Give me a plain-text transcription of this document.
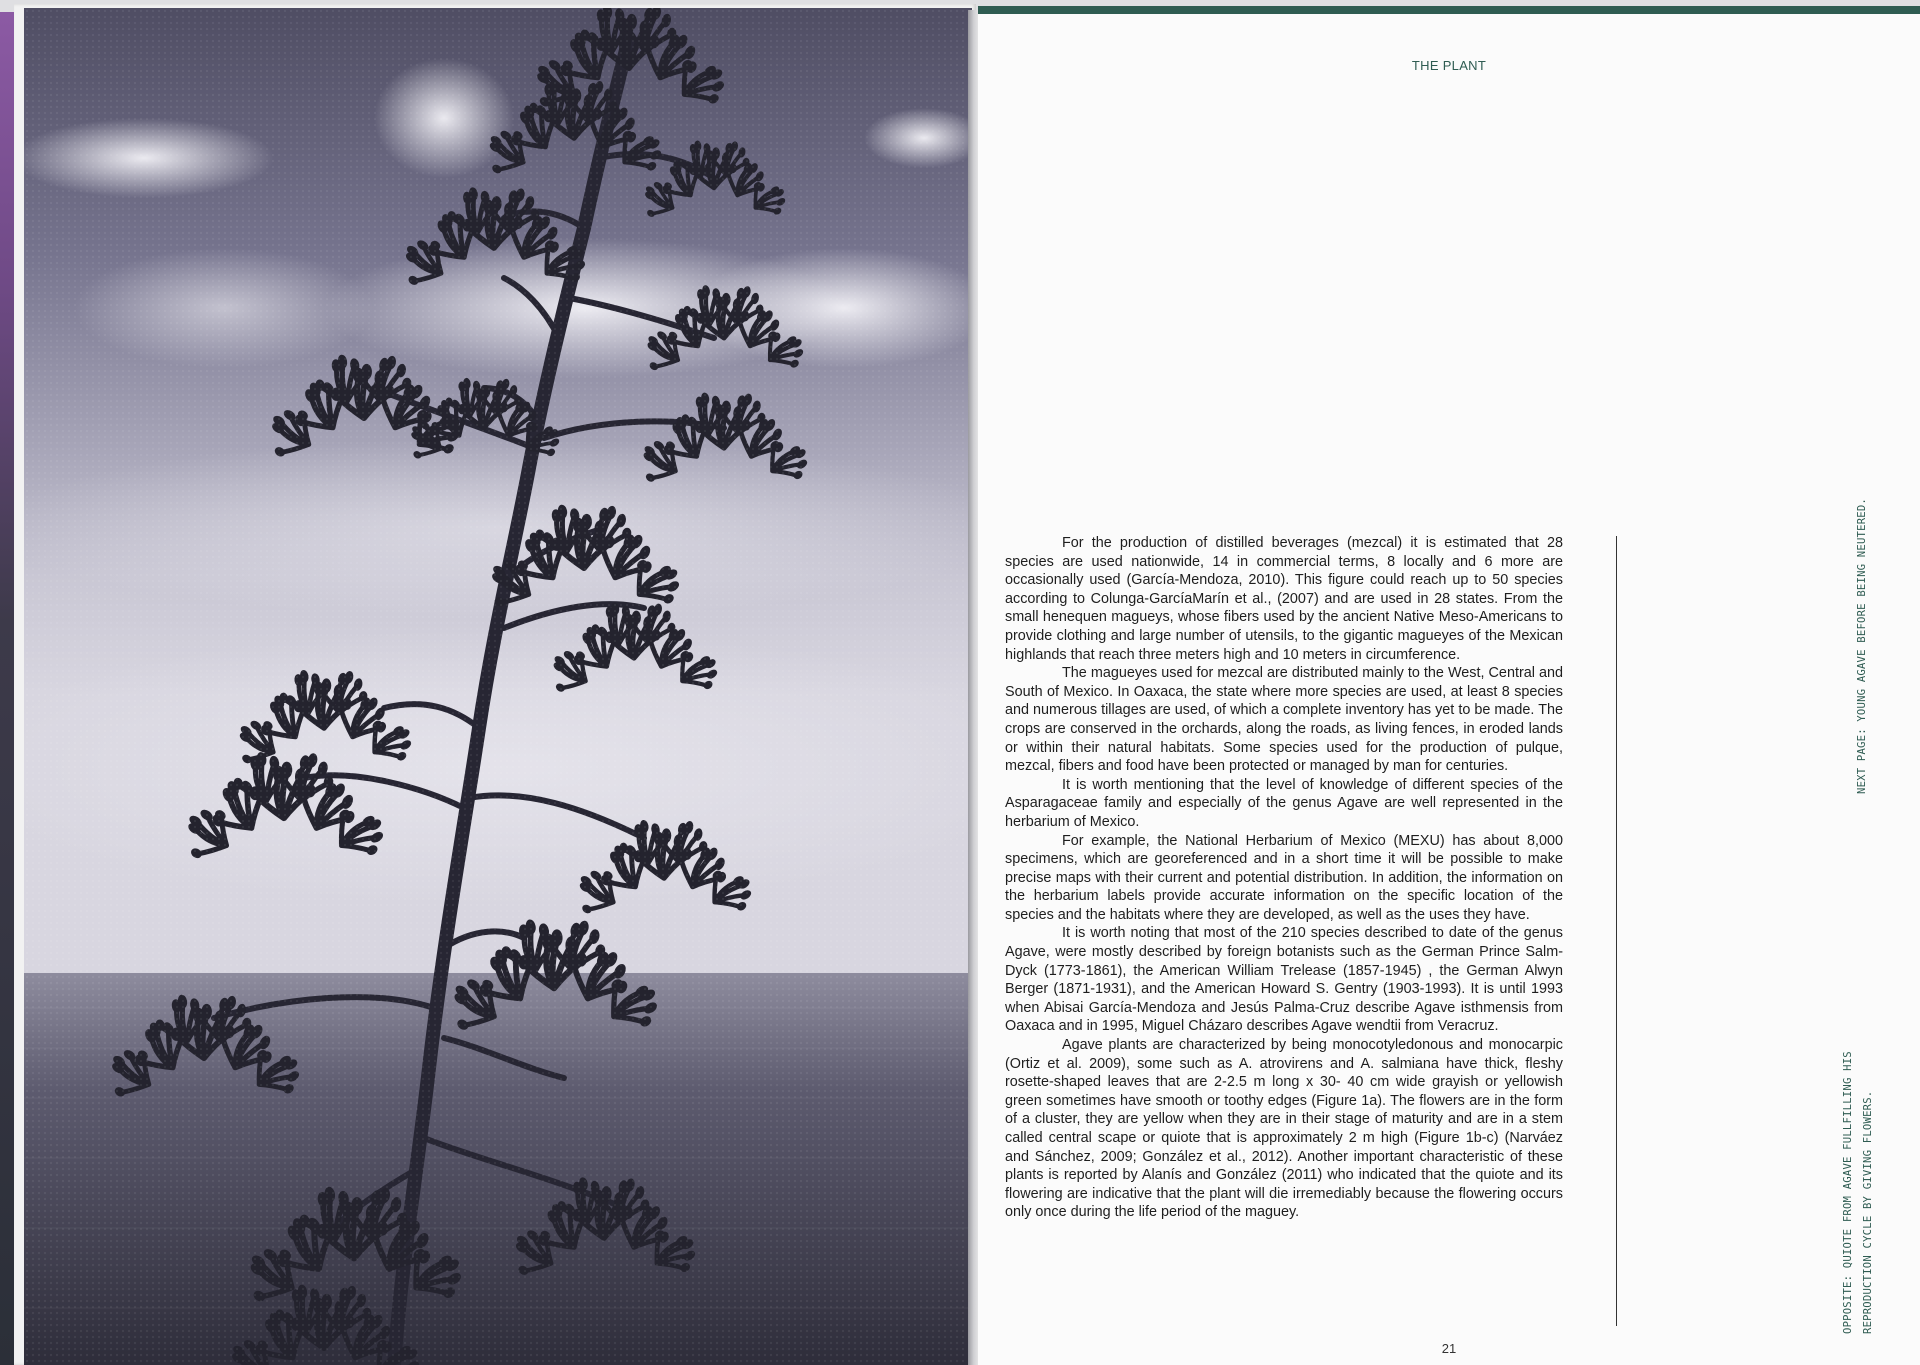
THE PLANT

For the production of distilled beverages (mezcal) it is estimated that 28 species are used nationwide, 14 in commercial terms, 8 locally and 6 more are occasionally used (García-Mendoza, 2010). This figure could reach up to 50 species according to Colunga-GarcíaMarín et al., (2007) and are used in 28 states. From the small henequen magueys, whose fibers used by the ancient Native Meso-Americans to provide clothing and large number of utensils, to the gigantic magueyes of the Mexican highlands that reach three meters high and 10 meters in circumference.

The magueyes used for mezcal are distributed mainly to the West, Central and South of Mexico. In Oaxaca, the state where more species are used, at least 8 species and numerous tillages are used, of which a complete inventory has yet to be made. The crops are conserved in the orchards, along the roads, as living fences, in eroded lands or within their natural habitats. Some species used for the production of pulque, mezcal, fibers and food have been protected or managed by man for centuries.

It is worth mentioning that the level of knowledge of different species of the Asparagaceae family and especially of the genus Agave are well represented in the herbarium of Mexico.

For example, the National Herbarium of Mexico (MEXU) has about 8,000 specimens, which are georeferenced and in a short time it will be possible to make precise maps with their current and potential distribution. In addition, the information on the herbarium labels provide accurate information on the specific location of the species and the habitats where they are developed, as well as the uses they have.

It is worth noting that most of the 210 species described to date of the genus Agave, were mostly described by foreign botanists such as the German Prince Salm-Dyck (1773-1861), the American William Trelease (1857-1945) , the German Alwyn Berger (1871-1931), and the American Howard S. Gentry (1903-1993). It is until 1993 when Abisai García-Mendoza and Jesús Palma-Cruz describe Agave isthmensis from Oaxaca and in 1995, Miguel Cházaro describes Agave wendtii from Veracruz.

Agave plants are characterized by being monocotyledonous and monocarpic (Ortiz et al. 2009), some such as A. atrovirens and A. salmiana have thick, fleshy rosette-shaped leaves that are 2-2.5 m long x 30- 40 cm wide grayish or yellowish green sometimes have smooth or toothy edges (Figure 1a). The flowers are in the form of a cluster, they are yellow when they are in their stage of maturity and are in a stem called central scape or quiote that is approximately 2 m high (Figure 1b-c) (Narváez and Sánchez, 2009; González et al., 2012). Another important characteristic of these plants is reported by Alanís and González (2011) who indicated that the quiote and its flowering are indicative that the plant will die irremediably because the flowering occurs only once during the life period of the maguey.	OPPOSITE: QUIOTE FROM AGAVE FULLFILLING HIS REPRODUCTION CYCLE BY GIVING FLOWERS.
NEXT PAGE: YOUNG AGAVE BEFORE BEING NEUTERED.
21
